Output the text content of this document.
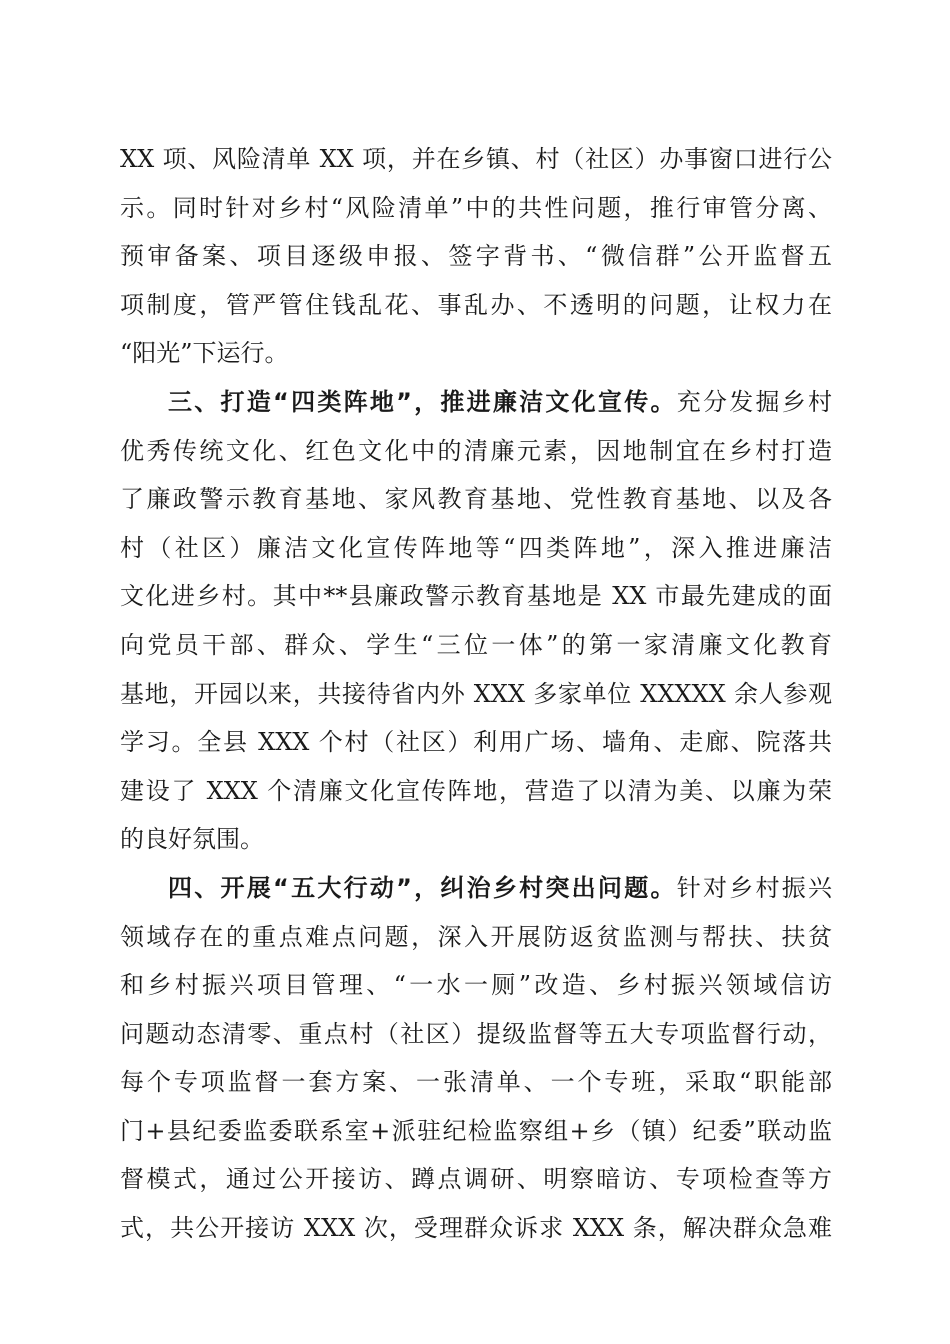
XX 项、风险清单 XX 项，并在乡镇、村（社区）办事窗口进行公
示。同时针对乡村“风险清单”中的共性问题，推行审管分离、
预审备案、项目逐级申报、签字背书、“微信群”公开监督五
项制度，管严管住钱乱花、事乱办、不透明的问题，让权力在
“阳光”下运行。
三、打造“四类阵地”，推进廉洁文化宣传。充分发掘乡村
优秀传统文化、红色文化中的清廉元素，因地制宜在乡村打造
了廉政警示教育基地、家风教育基地、党性教育基地、以及各
村（社区）廉洁文化宣传阵地等“四类阵地”，深入推进廉洁
文化进乡村。其中**县廉政警示教育基地是 XX 市最先建成的面
向党员干部、群众、学生“三位一体”的第一家清廉文化教育
基地，开园以来，共接待省内外 XXX 多家单位 XXXXX 余人参观
学习。全县 XXX 个村（社区）利用广场、墙角、走廊、院落共
建设了 XXX 个清廉文化宣传阵地，营造了以清为美、以廉为荣
的良好氛围。
四、开展“五大行动”，纠治乡村突出问题。针对乡村振兴
领域存在的重点难点问题，深入开展防返贫监测与帮扶、扶贫
和乡村振兴项目管理、“一水一厕”改造、乡村振兴领域信访
问题动态清零、重点村（社区）提级监督等五大专项监督行动，
每个专项监督一套方案、一张清单、一个专班，采取“职能部
门+县纪委监委联系室+派驻纪检监察组+乡（镇）纪委”联动监
督模式，通过公开接访、蹲点调研、明察暗访、专项检查等方
式，共公开接访 XXX 次，受理群众诉求 XXX 条，解决群众急难
